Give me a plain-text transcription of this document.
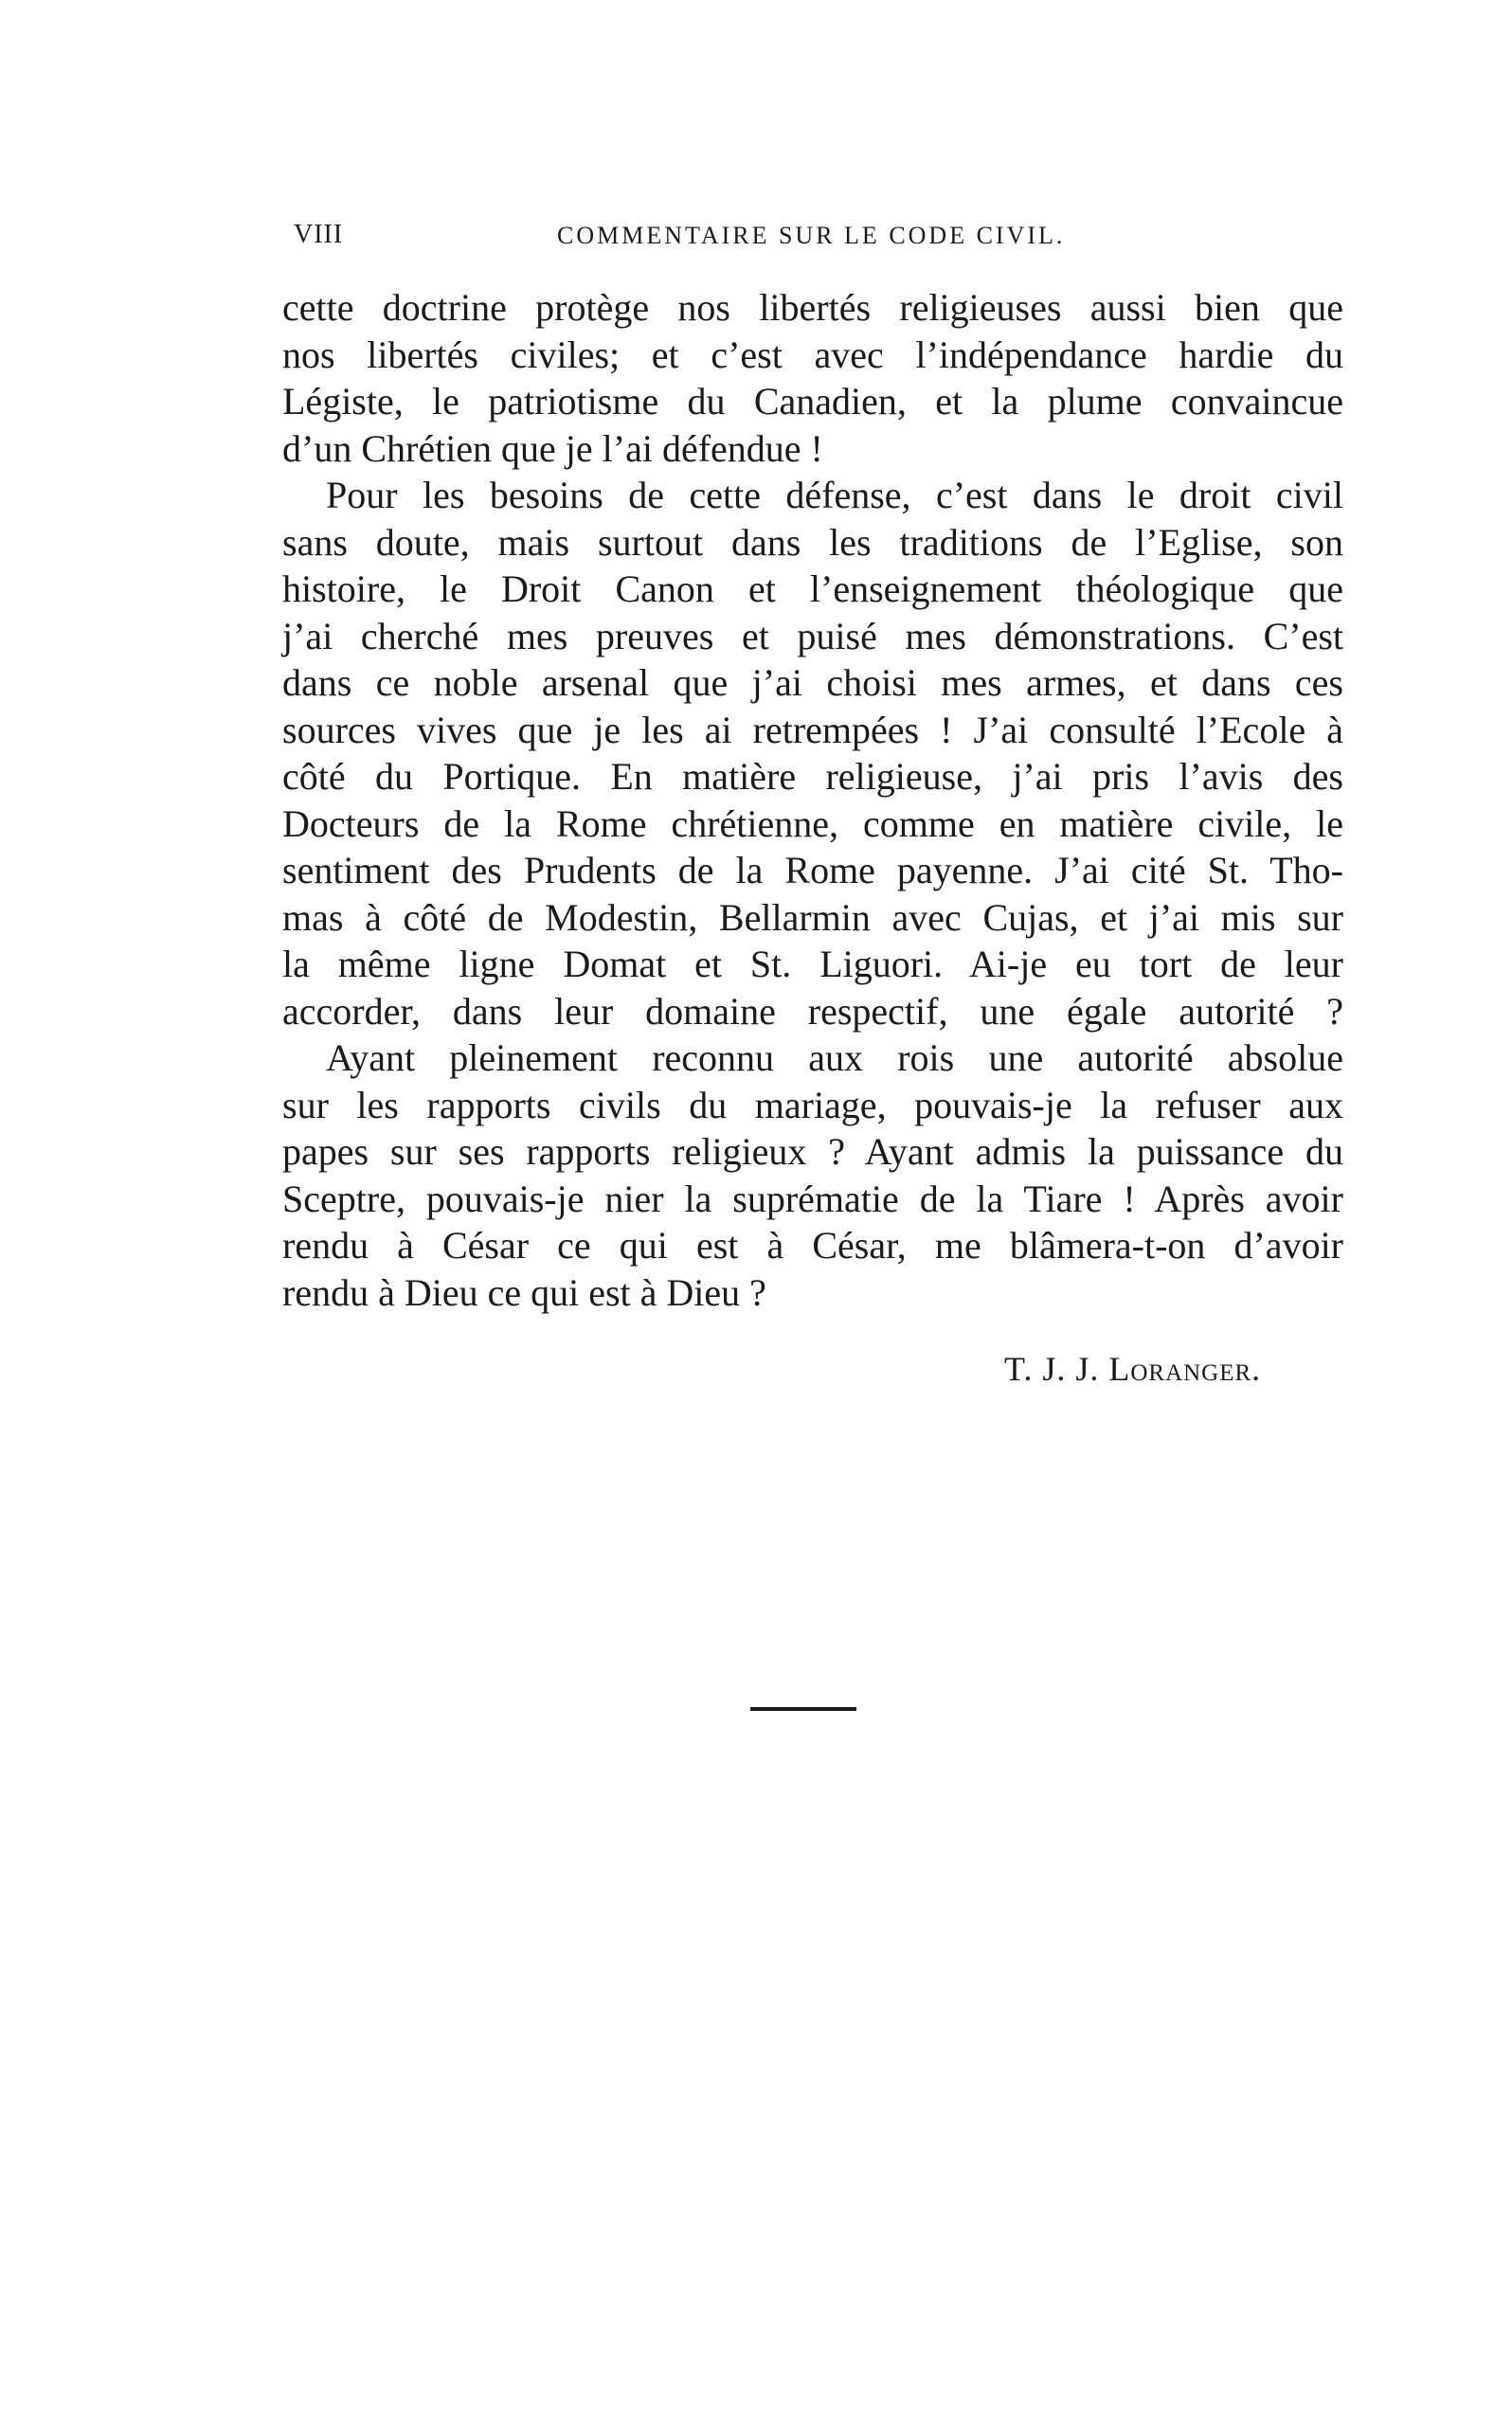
VIII	COMMENTAIRE SUR LE CODE CIVIL.
cette doctrine protège nos libertés religieuses aussi bien que
nos libertés civiles; et c’est avec l’indépendance hardie du
Légiste, le patriotisme du Canadien, et la plume convaincue
d’un Chrétien que je l’ai défendue !
Pour les besoins de cette défense, c’est dans le droit civil
sans doute, mais surtout dans les traditions de l’Eglise, son
histoire, le Droit Canon et l’enseignement théologique que
j’ai cherché mes preuves et puisé mes démonstrations. C’est
dans ce noble arsenal que j’ai choisi mes armes, et dans ces
sources vives que je les ai retrempées ! J’ai consulté l’Ecole à
côté du Portique. En matière religieuse, j’ai pris l’avis des
Docteurs de la Rome chrétienne, comme en matière civile, le
sentiment des Prudents de la Rome payenne. J’ai cité St. Tho-
mas à côté de Modestin, Bellarmin avec Cujas, et j’ai mis sur
la même ligne Domat et St. Liguori. Ai-je eu tort de leur
accorder, dans leur domaine respectif, une égale autorité ?
Ayant pleinement reconnu aux rois une autorité absolue
sur les rapports civils du mariage, pouvais-je la refuser aux
papes sur ses rapports religieux ? Ayant admis la puissance du
Sceptre, pouvais-je nier la suprématie de la Tiare ! Après avoir
rendu à César ce qui est à César, me blâmera-t-on d’avoir
rendu à Dieu ce qui est à Dieu ?
T. J. J. Loranger.
